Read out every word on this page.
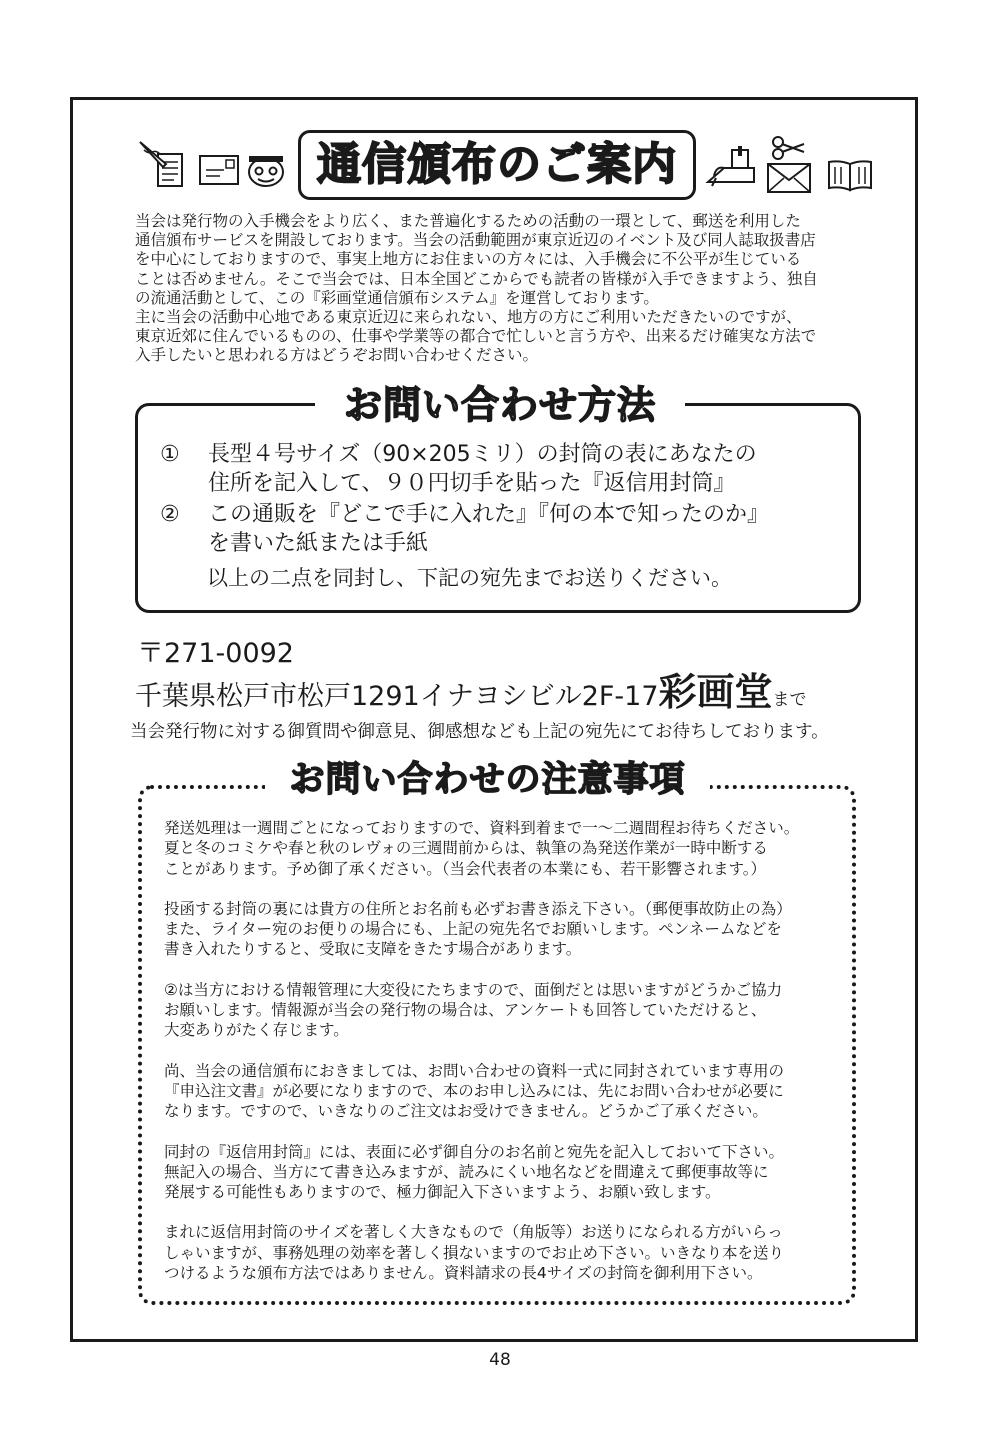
通信頒布のご案内

当会は発行物の入手機会をより広く、また普遍化するための活動の一環として、郵送を利用した

通信頒布サービスを開設しております。当会の活動範囲が東京近辺のイベント及び同人誌取扱書店

を中心にしておりますので、事実上地方にお住まいの方々には、入手機会に不公平が生じている

ことは否めません。そこで当会では、日本全国どこからでも読者の皆様が入手できますよう、独自

の流通活動として、この『彩画堂通信頒布システム』を運営しております。

主に当会の活動中心地である東京近辺に来られない、地方の方にご利用いただきたいのですが、

東京近郊に住んでいるものの、仕事や学業等の都合で忙しいと言う方や、出来るだけ確実な方法で

入手したいと思われる方はどうぞお問い合わせください。

お問い合わせ方法
① 長型４号サイズ（90×205ミリ）の封筒の表にあなたの
住所を記入して、９０円切手を貼った『返信用封筒』
② この通販を『どこで手に入れた』『何の本で知ったのか』
を書いた紙または手紙
以上の二点を同封し、下記の宛先までお送りください。
〒271-0092
千葉県松戸市松戸1291イナヨシビル2F-17彩画堂まで
当会発行物に対する御質問や御意見、御感想なども上記の宛先にてお待ちしております。
お問い合わせの注意事項
発送処理は一週間ごとになっておりますので、資料到着まで一～二週間程お待ちください。
夏と冬のコミケや春と秋のレヴォの三週間前からは、執筆の為発送作業が一時中断する
ことがあります。予め御了承ください。（当会代表者の本業にも、若干影響されます。）
投函する封筒の裏には貴方の住所とお名前も必ずお書き添え下さい。（郵便事故防止の為）
また、ライター宛のお便りの場合にも、上記の宛先名でお願いします。ペンネームなどを
書き入れたりすると、受取に支障をきたす場合があります。
②は当方における情報管理に大変役にたちますので、面倒だとは思いますがどうかご協力
お願いします。情報源が当会の発行物の場合は、アンケートも回答していただけると、
大変ありがたく存じます。
尚、当会の通信頒布におきましては、お問い合わせの資料一式に同封されています専用の
『申込注文書』が必要になりますので、本のお申し込みには、先にお問い合わせが必要に
なります。ですので、いきなりのご注文はお受けできません。どうかご了承ください。
同封の『返信用封筒』には、表面に必ず御自分のお名前と宛先を記入しておいて下さい。
無記入の場合、当方にて書き込みますが、読みにくい地名などを間違えて郵便事故等に
発展する可能性もありますので、極力御記入下さいますよう、お願い致します。
まれに返信用封筒のサイズを著しく大きなもので（角版等）お送りになられる方がいらっ
しゃいますが、事務処理の効率を著しく損ないますのでお止め下さい。いきなり本を送り
つけるような頒布方法ではありません。資料請求の長4サイズの封筒を御利用下さい。
48
